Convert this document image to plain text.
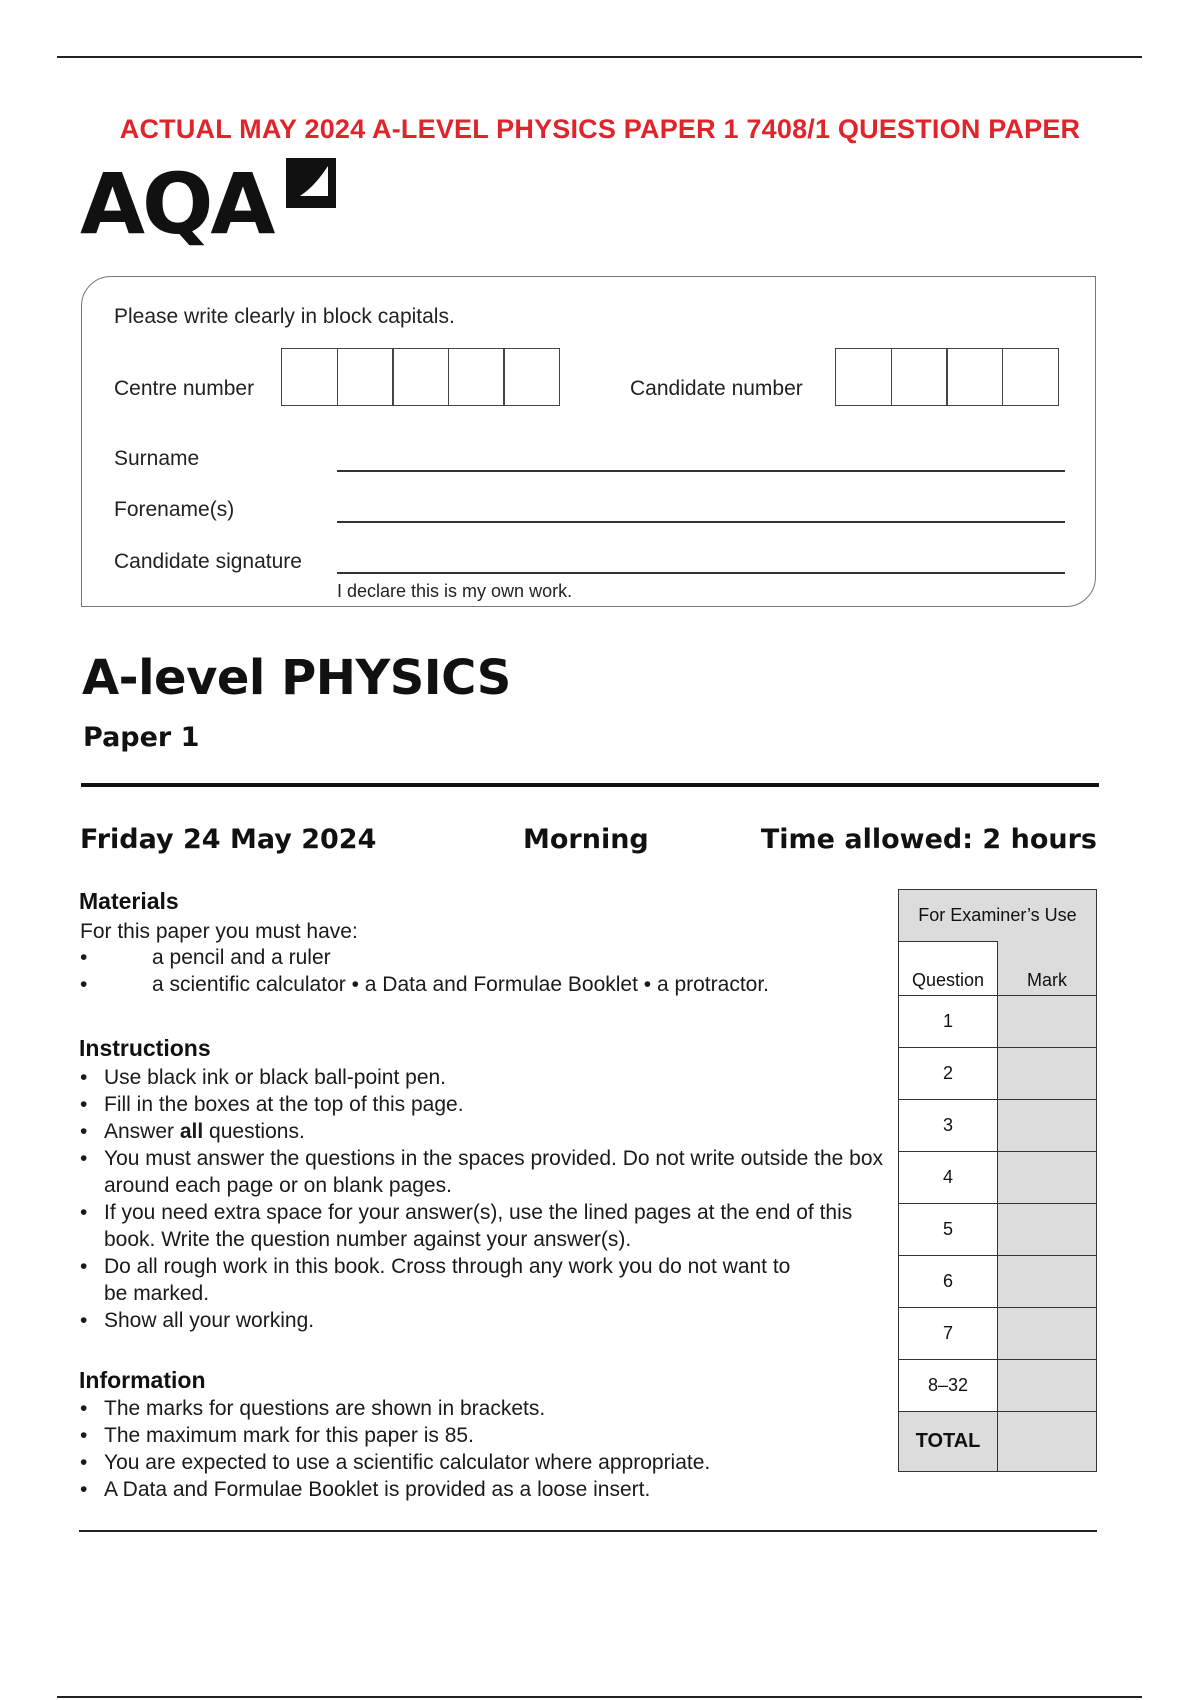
ACTUAL MAY 2024 A-LEVEL PHYSICS PAPER 1 7408/1 QUESTION PAPER
AQA
Please write clearly in block capitals.
Centre number	Candidate number
Surname
Forename(s)
Candidate signature
I declare this is my own work.
A-level PHYSICS
Paper 1
Friday 24 May 2024	Morning	Time allowed: 2 hours
Materials
For this paper you must have:
•	a pencil and a ruler
•	a scientific calculator • a Data and Formulae Booklet • a protractor.
Instructions
• Use black ink or black ball-point pen.
• Fill in the boxes at the top of this page.
• Answer all questions.
• You must answer the questions in the spaces provided. Do not write outside the box around each page or on blank pages.
• If you need extra space for your answer(s), use the lined pages at the end of this book. Write the question number against your answer(s).
• Do all rough work in this book. Cross through any work you do not want to be marked.
• Show all your working.
Information
• The marks for questions are shown in brackets.
• The maximum mark for this paper is 85.
• You are expected to use a scientific calculator where appropriate.
• A Data and Formulae Booklet is provided as a loose insert.
For Examiner’s Use	
Question	Mark
1	
2	
3	
4	
5	
6	
7	
8–32	
TOTAL	
